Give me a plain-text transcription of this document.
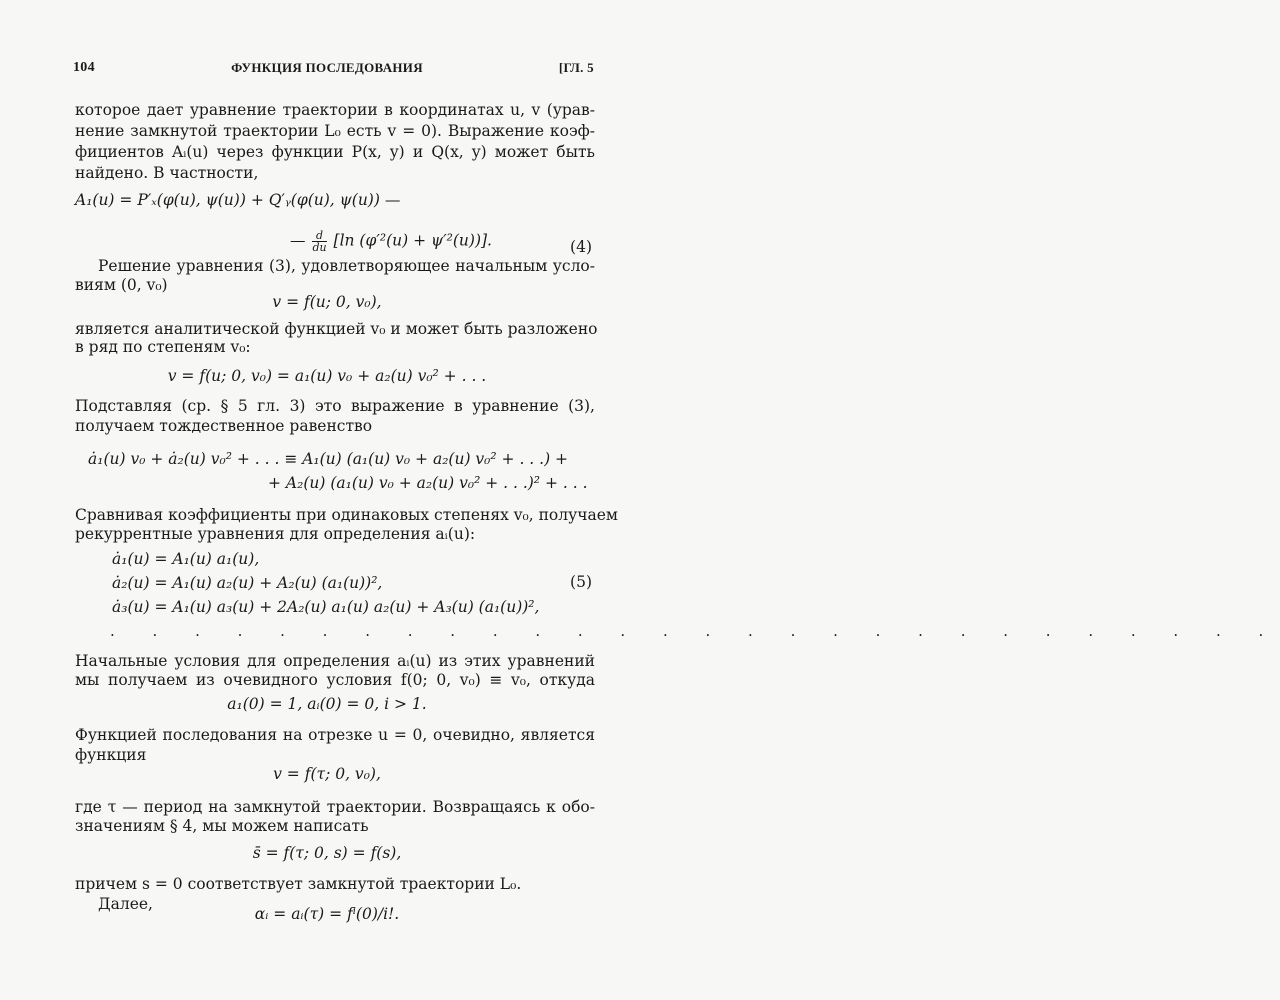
104	ФУНКЦИЯ ПОСЛЕДОВАНИЯ	[ГЛ. 5
которое дает уравнение траектории в координатах u, v (урав-
нение замкнутой траектории L₀ есть v = 0). Выражение коэф-
фициентов Aᵢ(u) через функции P(x, y) и Q(x, y) может быть
найдено. В частности,
A₁(u) = P′ₓ(φ(u), ψ(u)) + Q′ᵧ(φ(u), ψ(u)) —
— $\frac{d}{du} [\ln$ (φ′²(u) + ψ′²(u))].	(4)
Решение уравнения (3), удовлетворяющее начальным усло-
виям (0, v₀)
v = f(u; 0, v₀),
является аналитической функцией v₀ и может быть разложено
в ряд по степеням v₀:
v = f(u; 0, v₀) = a₁(u) v₀ + a₂(u) v₀² + . . .
Подставляя (ср. § 5 гл. 3) это выражение в уравнение (3),
получаем тождественное равенство
ȧ₁(u) v₀ + ȧ₂(u) v₀² + . . . ≡ A₁(u) (a₁(u) v₀ + a₂(u) v₀² + . . .) +
+ A₂(u) (a₁(u) v₀ + a₂(u) v₀² + . . .)² + . . .
Сравнивая коэффициенты при одинаковых степенях v₀, получаем
рекуррентные уравнения для определения aᵢ(u):
ȧ₁(u) = A₁(u) a₁(u),
ȧ₂(u) = A₁(u) a₂(u) + A₂(u) (a₁(u))²,
ȧ₃(u) = A₁(u) a₃(u) + 2A₂(u) a₁(u) a₂(u) + A₃(u) (a₁(u))²,
(5)
. . . . . . . . . . . . . . . . . . . . . . . . . . . .
Начальные условия для определения aᵢ(u) из этих уравнений
мы получаем из очевидного условия f(0; 0, v₀) ≡ v₀, откуда
a₁(0) = 1, aᵢ(0) = 0, i > 1.
Функцией последования на отрезке u = 0, очевидно, является
функция
v = f(τ; 0, v₀),
где τ — период на замкнутой траектории. Возвращаясь к обо-
значениям § 4, мы можем написать
s̄ = f(τ; 0, s) = f(s),
причем s = 0 соответствует замкнутой траектории L₀.
Далее,
αᵢ = aᵢ(τ) = fⁱ(0)/i!.
